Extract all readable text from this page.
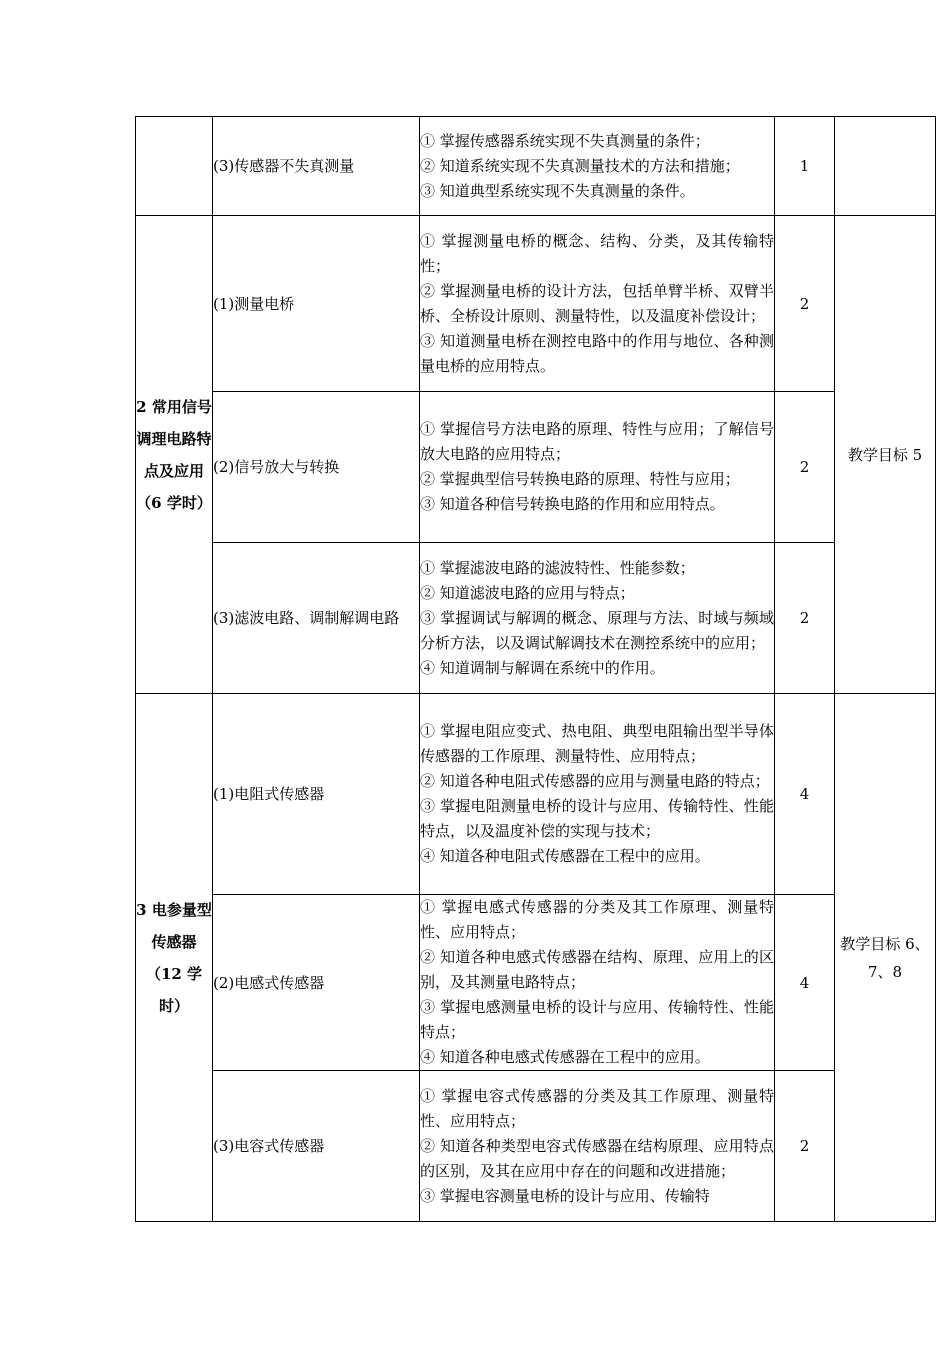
	(3)传感器不失真测量	① 掌握传感器系统实现不失真测量的条件；
② 知道系统实现不失真测量技术的方法和措施；
③ 知道典型系统实现不失真测量的条件。	1	
2 常用信号调理电路特点及应用（6 学时）	(1)测量电桥	① 掌握测量电桥的概念、结构、分类，及其传输特性；
② 掌握测量电桥的设计方法，包括单臂半桥、双臂半桥、全桥设计原则、测量特性，以及温度补偿设计；
③ 知道测量电桥在测控电路中的作用与地位、各种测量电桥的应用特点。	2	教学目标 5
	(2)信号放大与转换	① 掌握信号方法电路的原理、特性与应用；了解信号放大电路的应用特点；
② 掌握典型信号转换电路的原理、特性与应用；
③ 知道各种信号转换电路的作用和应用特点。	2	
	(3)滤波电路、调制解调电路	① 掌握滤波电路的滤波特性、性能参数；
② 知道滤波电路的应用与特点；
③ 掌握调试与解调的概念、原理与方法、时域与频域分析方法，以及调试解调技术在测控系统中的应用；
④ 知道调制与解调在系统中的作用。	2	
3 电参量型传感器（12 学时）	(1)电阻式传感器	① 掌握电阻应变式、热电阻、典型电阻输出型半导体传感器的工作原理、测量特性、应用特点；
② 知道各种电阻式传感器的应用与测量电路的特点；
③ 掌握电阻测量电桥的设计与应用、传输特性、性能特点，以及温度补偿的实现与技术；
④ 知道各种电阻式传感器在工程中的应用。	4	教学目标 6、7、8
	(2)电感式传感器	① 掌握电感式传感器的分类及其工作原理、测量特性、应用特点；
② 知道各种电感式传感器在结构、原理、应用上的区别，及其测量电路特点；
③ 掌握电感测量电桥的设计与应用、传输特性、性能特点；
④ 知道各种电感式传感器在工程中的应用。	4	
	(3)电容式传感器	① 掌握电容式传感器的分类及其工作原理、测量特性、应用特点；
② 知道各种类型电容式传感器在结构原理、应用特点的区别，及其在应用中存在的问题和改进措施；
③ 掌握电容测量电桥的设计与应用、传输特	2	
